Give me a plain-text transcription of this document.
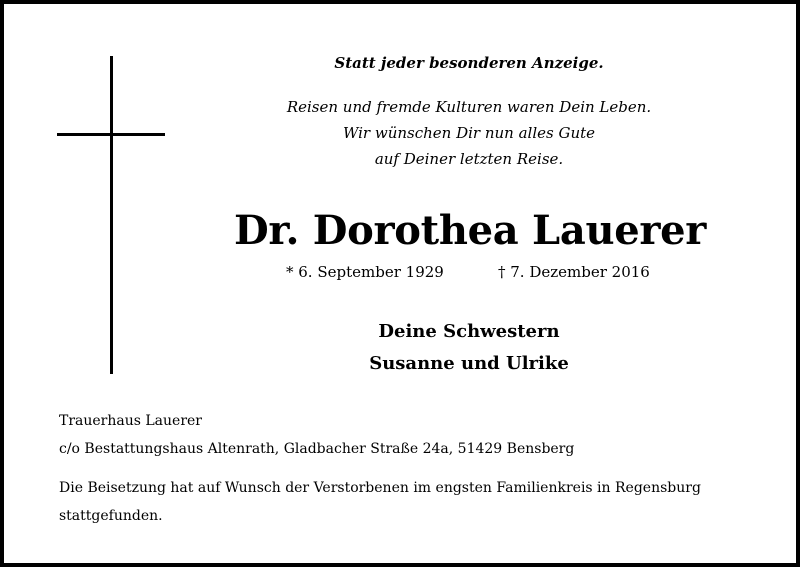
Statt jeder besonderen Anzeige.
Reisen und fremde Kulturen waren Dein Leben.
Wir wünschen Dir nun alles Gute
auf Deiner letzten Reise.
Dr. Dorothea Lauerer
* 6. September 1929	† 7. Dezember 2016
Deine Schwestern
Susanne und Ulrike
Trauerhaus Lauerer
c/o Bestattungshaus Altenrath, Gladbacher Straße 24a, 51429 Bensberg
Die Beisetzung hat auf Wunsch der Verstorbenen im engsten Familienkreis in Regensburg
stattgefunden.
